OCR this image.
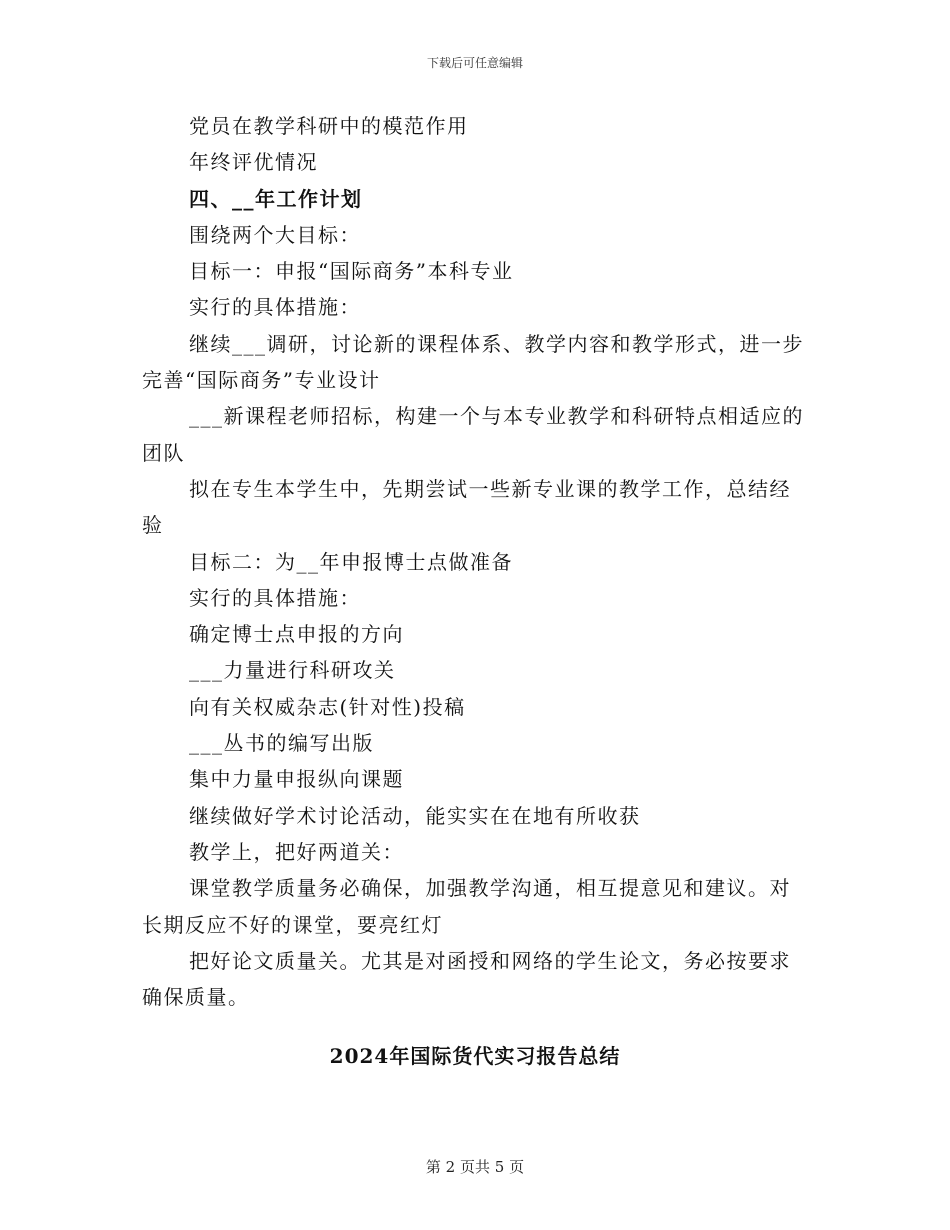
下载后可任意编辑
党员在教学科研中的模范作用
年终评优情况
四、__年工作计划
围绕两个大目标：
目标一：申报“国际商务”本科专业
实行的具体措施：
继续___调研，讨论新的课程体系、教学内容和教学形式，进一步完善“国际商务”专业设计
___新课程老师招标，构建一个与本专业教学和科研特点相适应的团队
拟在专生本学生中，先期尝试一些新专业课的教学工作，总结经验
目标二：为__年申报博士点做准备
实行的具体措施：
确定博士点申报的方向
___力量进行科研攻关
向有关权威杂志(针对性)投稿
___丛书的编写出版
集中力量申报纵向课题
继续做好学术讨论活动，能实实在在地有所收获
教学上，把好两道关：
课堂教学质量务必确保，加强教学沟通，相互提意见和建议。对长期反应不好的课堂，要亮红灯
把好论文质量关。尤其是对函授和网络的学生论文，务必按要求确保质量。
2024年国际货代实习报告总结
第 2 页共 5 页
